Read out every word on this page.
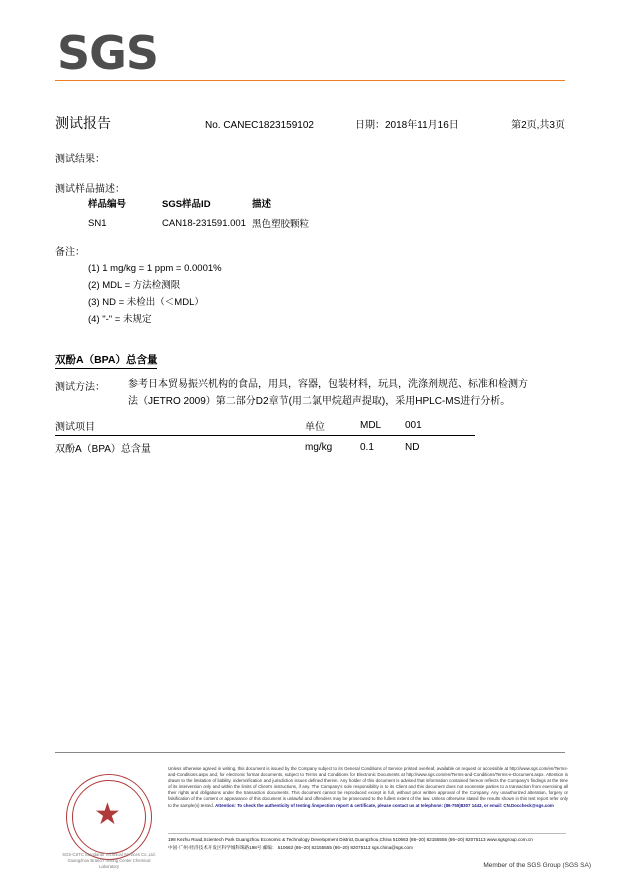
SGS
测试报告	No. CANEC1823159102	日期：2018年11月16日	第2页,共3页
测试结果：
测试样品描述：
样品编号	SGS样品ID	描述
SN1	CAN18-231591.001	黑色塑胶颗粒
备注：
(1) 1 mg/kg = 1 ppm = 0.0001%
(2) MDL = 方法检测限
(3) ND = 未检出（＜MDL）
(4) "-" = 未规定
双酚A（BPA）总含量
测试方法： 参考日本贸易振兴机构的食品，用具，容器，包装材料，玩具，洗涤剂规范、标准和检测方法（JETRO 2009）第二部分D2章节(用二氯甲烷超声提取)，采用HPLC-MS进行分析。
测试项目	单位	MDL	001
双酚A（BPA）总含量	mg/kg	0.1	ND
★
SGS-CSTC Standards Technical Services Co.,Ltd. Guangzhou Branch Testing Center Chemical Laboratory
Unless otherwise agreed in writing, this document is issued by the Company subject to its General Conditions of Service printed overleaf, available on request or accessible at http://www.sgs.com/en/Terms-and-Conditions.aspx and, for electronic format documents, subject to Terms and Conditions for Electronic Documents at http://www.sgs.com/en/Terms-and-Conditions/Terms-e-Document.aspx. Attention is drawn to the limitation of liability, indemnification and jurisdiction issues defined therein. Any holder of this document is advised that information contained hereon reflects the Company's findings at the time of its intervention only and within the limits of Client's instructions, if any. The Company's sole responsibility is to its Client and this document does not exonerate parties to a transaction from exercising all their rights and obligations under the transaction documents. This document cannot be reproduced except in full, without prior written approval of the Company. Any unauthorized alteration, forgery or falsification of the content or appearance of this document is unlawful and offenders may be prosecuted to the fullest extent of the law. Unless otherwise stated the results shown in this test report refer only to the sample(s) tested. Attention: To check the authenticity of testing /inspection report & certificate, please contact us at telephone: (86-755)8307 1443, or email: CN.Doccheck@sgs.com
198 Kezhu Road,Scientech Park Guangzhou Economic & Technology Development District,Guangzhou,China 510663 (86–20) 82155555 (86–20) 82075113 www.sgsgroup.com.cn
中国·广州·经济技术开发区科学城科珠路198号 邮编： 510663 (86–20) 82155555 (86–20) 82075113 sgs.china@sgs.com
Member of the SGS Group (SGS SA)
